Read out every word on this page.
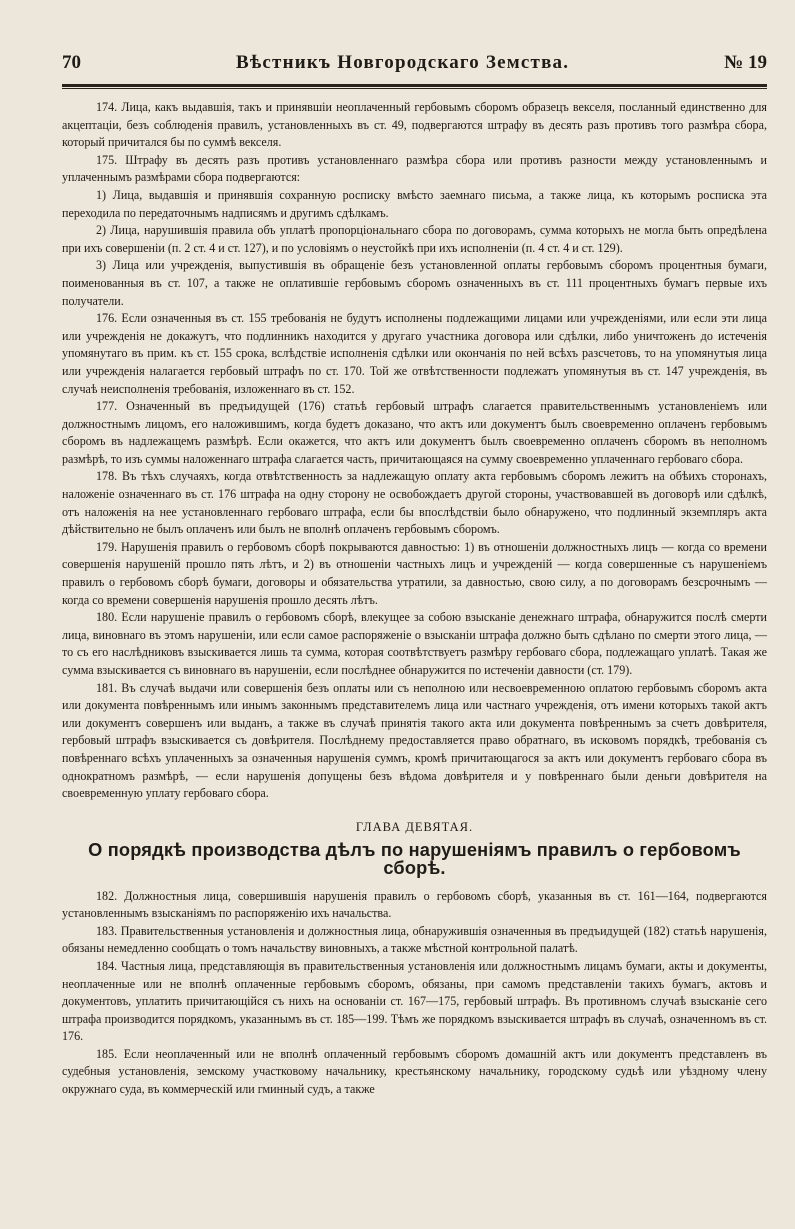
70	Вѣстникъ Новгородскаго Земства.	№ 19

174. Лица, какъ выдавшія, такъ и принявшіи неоплаченный гербовымъ сборомъ образецъ векселя, посланный единственно для акцептаціи, безъ соблюденія правилъ, установленныхъ въ ст. 49, подвергаются штрафу въ десять разъ противъ того размѣра сбора, который причитался бы по суммѣ векселя.

175. Штрафу въ десять разъ противъ установленнаго размѣра сбора или противъ разности между установленнымъ и уплаченнымъ размѣрами сбора подвергаются:

1) Лица, выдавшія и принявшія сохранную росписку вмѣсто заемнаго письма, а также лица, къ которымъ росписка эта переходила по передаточнымъ надписямъ и другимъ сдѣлкамъ.

2) Лица, нарушившія правила объ уплатѣ пропорціональнаго сбора по договорамъ, сумма которыхъ не могла быть опредѣлена при ихъ совершеніи (п. 2 ст. 4 и ст. 127), и по условіямъ о неустойкѣ при ихъ исполненіи (п. 4 ст. 4 и ст. 129).

3) Лица или учрежденія, выпустившія въ обращеніе безъ установленной оплаты гербовымъ сборомъ процентныя бумаги, поименованныя въ ст. 107, а также не оплатившіе гербовымъ сборомъ означенныхъ въ ст. 111 процентныхъ бумагъ первые ихъ получатели.

176. Если означенныя въ ст. 155 требованія не будутъ исполнены подлежащими лицами или учрежденіями, или если эти лица или учрежденія не докажутъ, что подлинникъ находится у другаго участника договора или сдѣлки, либо уничтоженъ до истеченія упомянутаго въ прим. къ ст. 155 срока, вслѣдствіе исполненія сдѣлки или окончанія по ней всѣхъ разсчетовъ, то на упомянутыя лица или учрежденія налагается гербовый штрафъ по ст. 170. Той же отвѣтственности подлежатъ упомянутыя въ ст. 147 учрежденія, въ случаѣ неисполненія требованія, изложеннаго въ ст. 152.

177. Означенный въ предъидущей (176) статьѣ гербовый штрафъ слагается правительственнымъ установленіемъ или должностнымъ лицомъ, его наложившимъ, когда будетъ доказано, что актъ или документъ былъ своевременно оплаченъ гербовымъ сборомъ въ надлежащемъ размѣрѣ. Если окажется, что актъ или документъ былъ своевременно оплаченъ сборомъ въ неполномъ размѣрѣ, то изъ суммы наложеннаго штрафа слагается часть, причитающаяся на сумму своевременно уплаченнаго гербоваго сбора.

178. Въ тѣхъ случаяхъ, когда отвѣтственность за надлежащую оплату акта гербовымъ сборомъ лежитъ на обѣихъ сторонахъ, наложеніе означеннаго въ ст. 176 штрафа на одну сторону не освобождаетъ другой стороны, участвовавшей въ договорѣ или сдѣлкѣ, отъ наложенія на нее установленнаго гербоваго штрафа, если бы впослѣдствіи было обнаружено, что подлинный экземпляръ акта дѣйствительно не былъ оплаченъ или былъ не вполнѣ оплаченъ гербовымъ сборомъ.

179. Нарушенія правилъ о гербовомъ сборѣ покрываются давностью: 1) въ отношеніи должностныхъ лицъ — когда со времени совершенія нарушеній прошло пять лѣтъ, и 2) въ отношеніи частныхъ лицъ и учрежденій — когда совершенные съ нарушеніемъ правилъ о гербовомъ сборѣ бумаги, договоры и обязательства утратили, за давностью, свою силу, а по договорамъ безсрочнымъ — когда со времени совершенія нарушенія прошло десять лѣтъ.

180. Если нарушеніе правилъ о гербовомъ сборѣ, влекущее за собою взысканіе денежнаго штрафа, обнаружится послѣ смерти лица, виновнаго въ этомъ нарушеніи, или если самое распоряженіе о взысканіи штрафа должно быть сдѣлано по смерти этого лица, — то съ его наслѣдниковъ взыскивается лишь та сумма, которая соотвѣтствуетъ размѣру гербоваго сбора, подлежащаго уплатѣ. Такая же сумма взыскивается съ виновнаго въ нарушеніи, если послѣднее обнаружится по истеченіи давности (ст. 179).

181. Въ случаѣ выдачи или совершенія безъ оплаты или съ неполною или несвоевременною оплатою гербовымъ сборомъ акта или документа повѣреннымъ или инымъ законнымъ представителемъ лица или частнаго учрежденія, отъ имени которыхъ такой актъ или документъ совершенъ или выданъ, а также въ случаѣ принятія такого акта или документа повѣреннымъ за счетъ довѣрителя, гербовый штрафъ взыскивается съ довѣрителя. Послѣднему предоставляется право обратнаго, въ исковомъ порядкѣ, требованія съ повѣреннаго всѣхъ уплаченныхъ за означенныя нарушенія суммъ, кромѣ причитающагося за актъ или документъ гербоваго сбора въ однократномъ размѣрѣ, — если нарушенія допущены безъ вѣдома довѣрителя и у повѣреннаго были деньги довѣрителя на своевременную уплату гербоваго сбора.

ГЛАВА ДЕВЯТАЯ.
О порядкѣ производства дѣлъ по нарушеніямъ правилъ о гербовомъ сборѣ.

182. Должностныя лица, совершившія нарушенія правилъ о гербовомъ сборѣ, указанныя въ ст. 161—164, подвергаются установленнымъ взысканіямъ по распоряженію ихъ начальства.

183. Правительственныя установленія и должностныя лица, обнаружившія означенныя въ предъидущей (182) статьѣ нарушенія, обязаны немедленно сообщать о томъ начальству виновныхъ, а также мѣстной контрольной палатѣ.

184. Частныя лица, представляющія въ правительственныя установленія или должностнымъ лицамъ бумаги, акты и документы, неоплаченные или не вполнѣ оплаченные гербовымъ сборомъ, обязаны, при самомъ представленіи такихъ бумагъ, актовъ и документовъ, уплатить причитающійся съ нихъ на основаніи ст. 167—175, гербовый штрафъ. Въ противномъ случаѣ взысканіе сего штрафа производится порядкомъ, указаннымъ въ ст. 185—199. Тѣмъ же порядкомъ взыскивается штрафъ въ случаѣ, означенномъ въ ст. 176.

185. Если неоплаченный или не вполнѣ оплаченный гербовымъ сборомъ домашній актъ или документъ представленъ въ судебныя установленія, земскому участковому начальнику, крестьянскому начальнику, городскому судьѣ или уѣздному члену окружнаго суда, въ коммерческій или гминный судъ, а также
